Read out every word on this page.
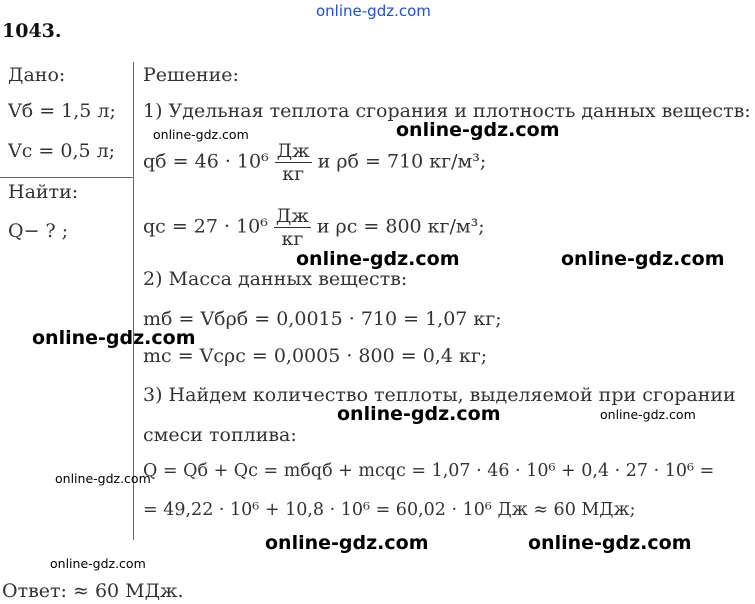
online-gdz.com
1043.
Дано:
Vб = 1,5 л;
Vс = 0,5 л;
Найти:
Q− ? ;
Решение:
1) Удельная теплота сгорания и плотность данных веществ:
qб = $46 \cdot 10^6 \frac{Дж}{кг}$ и ρб = 710 кг/м³;
qс = $27 \cdot 10^6 \frac{Дж}{кг}$ и ρс = 800 кг/м³;
2) Масса данных веществ:
mб = Vбρб = 0,0015 · 710 = 1,07 кг;
mс = Vсρс = 0,0005 · 800 = 0,4 кг;
3) Найдем количество теплоты, выделяемой при сгорании
смеси топлива:
Q = Qб + Qс = mбqб + mсqс = 1,07 · 46 · 10⁶ + 0,4 · 27 · 10⁶ =
= 49,22 · 10⁶ + 10,8 · 10⁶ = 60,02 · 10⁶ Дж ≈ 60 МДж;
Ответ: ≈ 60 МДж.
online-gdz.com
online-gdz.com
online-gdz.com	online-gdz.com
online-gdz.com
online-gdz.com	online-gdz.com
online-gdz.com
online-gdz.com	online-gdz.com
online-gdz.com
